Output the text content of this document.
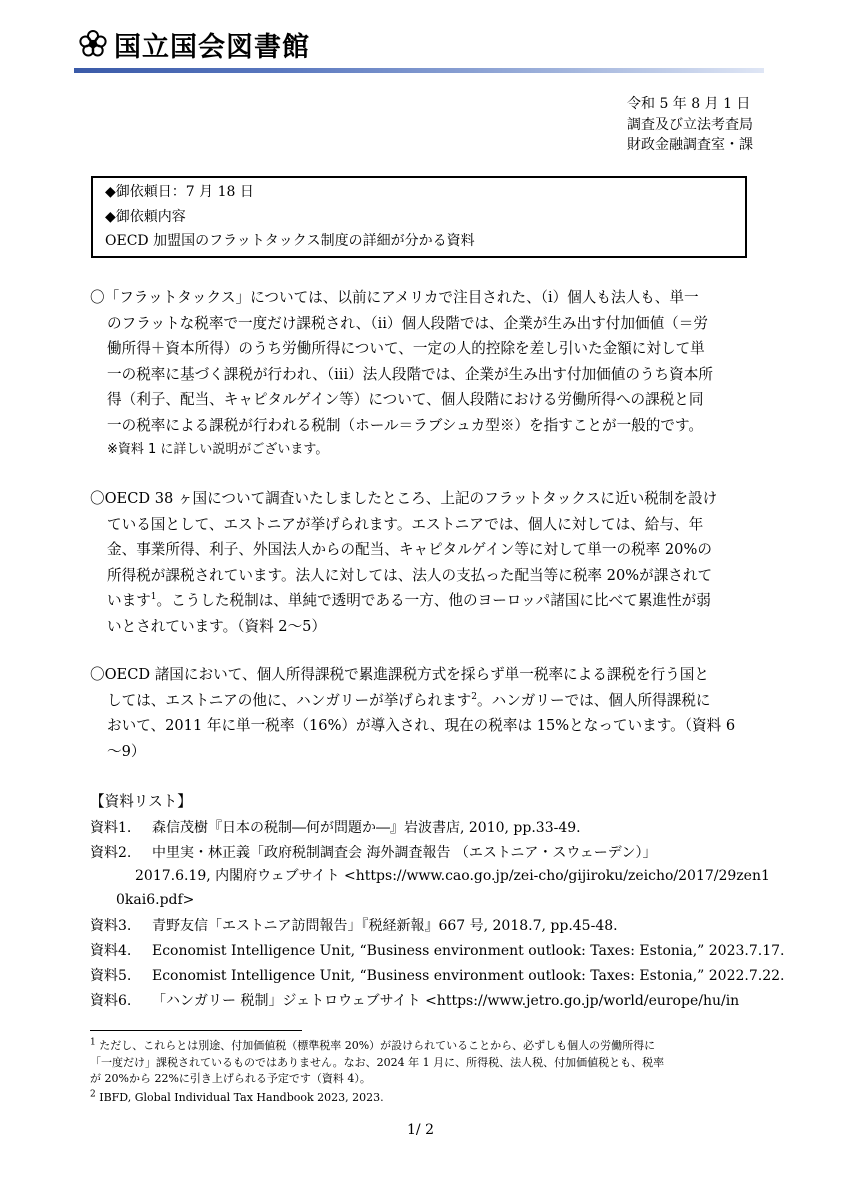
国立国会図書館
令和 5 年 8 月 1 日
調査及び立法考査局
財政金融調査室・課
◆御依頼日：7 月 18 日
◆御依頼内容
OECD 加盟国のフラットタックス制度の詳細が分かる資料
〇「フラットタックス」については、以前にアメリカで注目された、（ⅰ）個人も法人も、単一
のフラットな税率で一度だけ課税され、（ⅱ）個人段階では、企業が生み出す付加価値（＝労
働所得＋資本所得）のうち労働所得について、一定の人的控除を差し引いた金額に対して単
一の税率に基づく課税が行われ、（ⅲ）法人段階では、企業が生み出す付加価値のうち資本所
得（利子、配当、キャピタルゲイン等）について、個人段階における労働所得への課税と同
一の税率による課税が行われる税制（ホール＝ラブシュカ型※）を指すことが一般的です。
※資料 1 に詳しい説明がございます。
〇OECD 38 ヶ国について調査いたしましたところ、上記のフラットタックスに近い税制を設け
ている国として、エストニアが挙げられます。エストニアでは、個人に対しては、給与、年
金、事業所得、利子、外国法人からの配当、キャピタルゲイン等に対して単一の税率 20%の
所得税が課税されています。法人に対しては、法人の支払った配当等に税率 20%が課されて
います$^1$。こうした税制は、単純で透明である一方、他のヨーロッパ諸国に比べて累進性が弱
いとされています。（資料 2～5）
〇OECD 諸国において、個人所得課税で累進課税方式を採らず単一税率による課税を行う国と
しては、エストニアの他に、ハンガリーが挙げられます$^2$。ハンガリーでは、個人所得課税に
おいて、2011 年に単一税率（16%）が導入され、現在の税率は 15%となっています。（資料 6
～9）
【資料リスト】
資料1. 森信茂樹『日本の税制―何が問題か―』岩波書店, 2010, pp.33-49.
資料2. 中里実・林正義「政府税制調査会 海外調査報告 （エストニア・スウェーデン）」
2017.6.19, 内閣府ウェブサイト <https://www.cao.go.jp/zei-cho/gijiroku/zeicho/2017/29zen1
0kai6.pdf>
資料3. 青野友信「エストニア訪問報告」『税経新報』667 号, 2018.7, pp.45-48.
資料4. Economist Intelligence Unit, “Business environment outlook: Taxes: Estonia,” 2023.7.17.
資料5. Economist Intelligence Unit, “Business environment outlook: Taxes: Estonia,” 2022.7.22.
資料6. 「ハンガリー 税制」ジェトロウェブサイト <https://www.jetro.go.jp/world/europe/hu/in
$^1$ ただし、これらとは別途、付加価値税（標準税率 20%）が設けられていることから、必ずしも個人の労働所得に
「一度だけ」課税されているものではありません。なお、2024 年 1 月に、所得税、法人税、付加価値税とも、税率
が 20%から 22%に引き上げられる予定です（資料 4）。
$^2$ IBFD, Global Individual Tax Handbook 2023, 2023.
1/ 2
